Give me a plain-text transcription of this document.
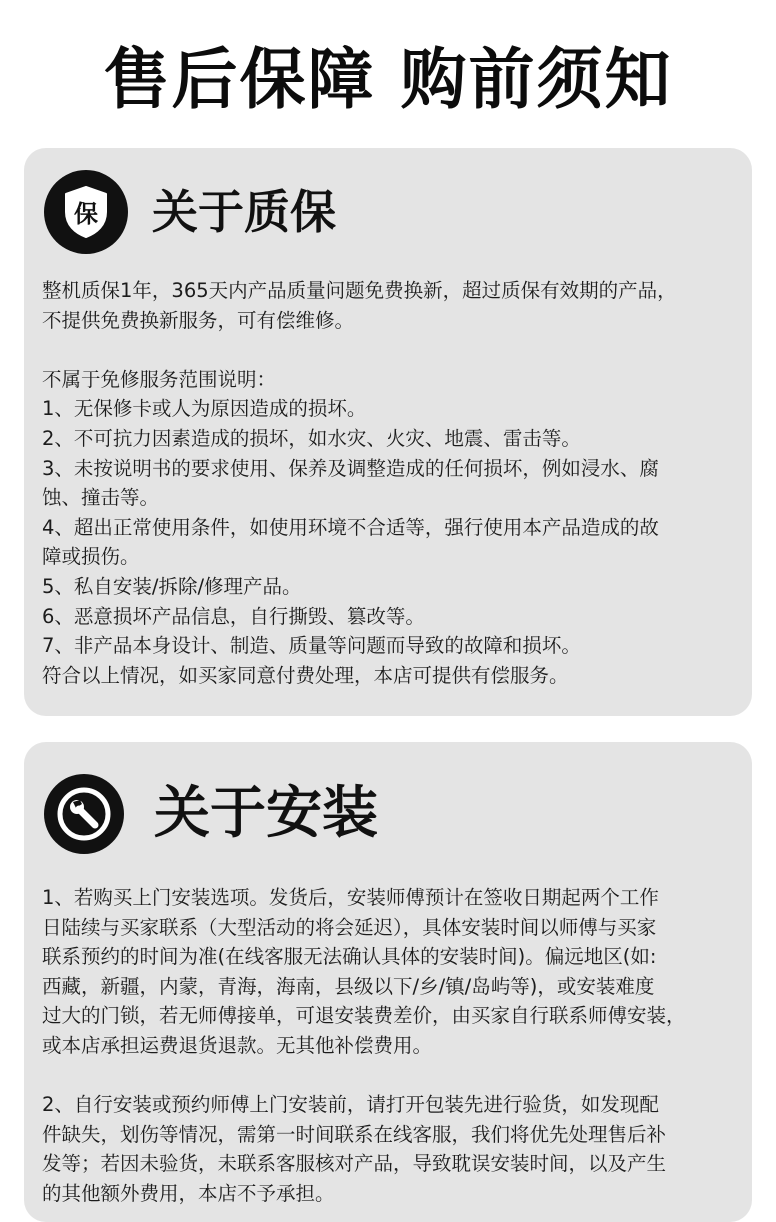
售后保障 购前须知
保 关于质保
整机质保1年，365天内产品质量问题免费换新，超过质保有效期的产品，
不提供免费换新服务，可有偿维修。
不属于免修服务范围说明：
1、无保修卡或人为原因造成的损坏。
2、不可抗力因素造成的损坏，如水灾、火灾、地震、雷击等。
3、未按说明书的要求使用、保养及调整造成的任何损坏，例如浸水、腐
蚀、撞击等。
4、超出正常使用条件，如使用环境不合适等，强行使用本产品造成的故
障或损伤。
5、私自安装/拆除/修理产品。
6、恶意损坏产品信息，自行撕毁、篡改等。
7、非产品本身设计、制造、质量等问题而导致的故障和损坏。
符合以上情况，如买家同意付费处理，本店可提供有偿服务。
关于安装
1、若购买上门安装选项。发货后，安装师傅预计在签收日期起两个工作
日陆续与买家联系（大型活动的将会延迟），具体安装时间以师傅与买家
联系预约的时间为准(在线客服无法确认具体的安装时间)。偏远地区(如:
西藏，新疆，内蒙，青海，海南，县级以下/乡/镇/岛屿等)，或安装难度
过大的门锁，若无师傅接单，可退安装费差价，由买家自行联系师傅安装，
或本店承担运费退货退款。无其他补偿费用。
2、自行安装或预约师傅上门安装前，请打开包装先进行验货，如发现配
件缺失，划伤等情况，需第一时间联系在线客服，我们将优先处理售后补
发等；若因未验货，未联系客服核对产品，导致耽误安装时间，以及产生
的其他额外费用，本店不予承担。
